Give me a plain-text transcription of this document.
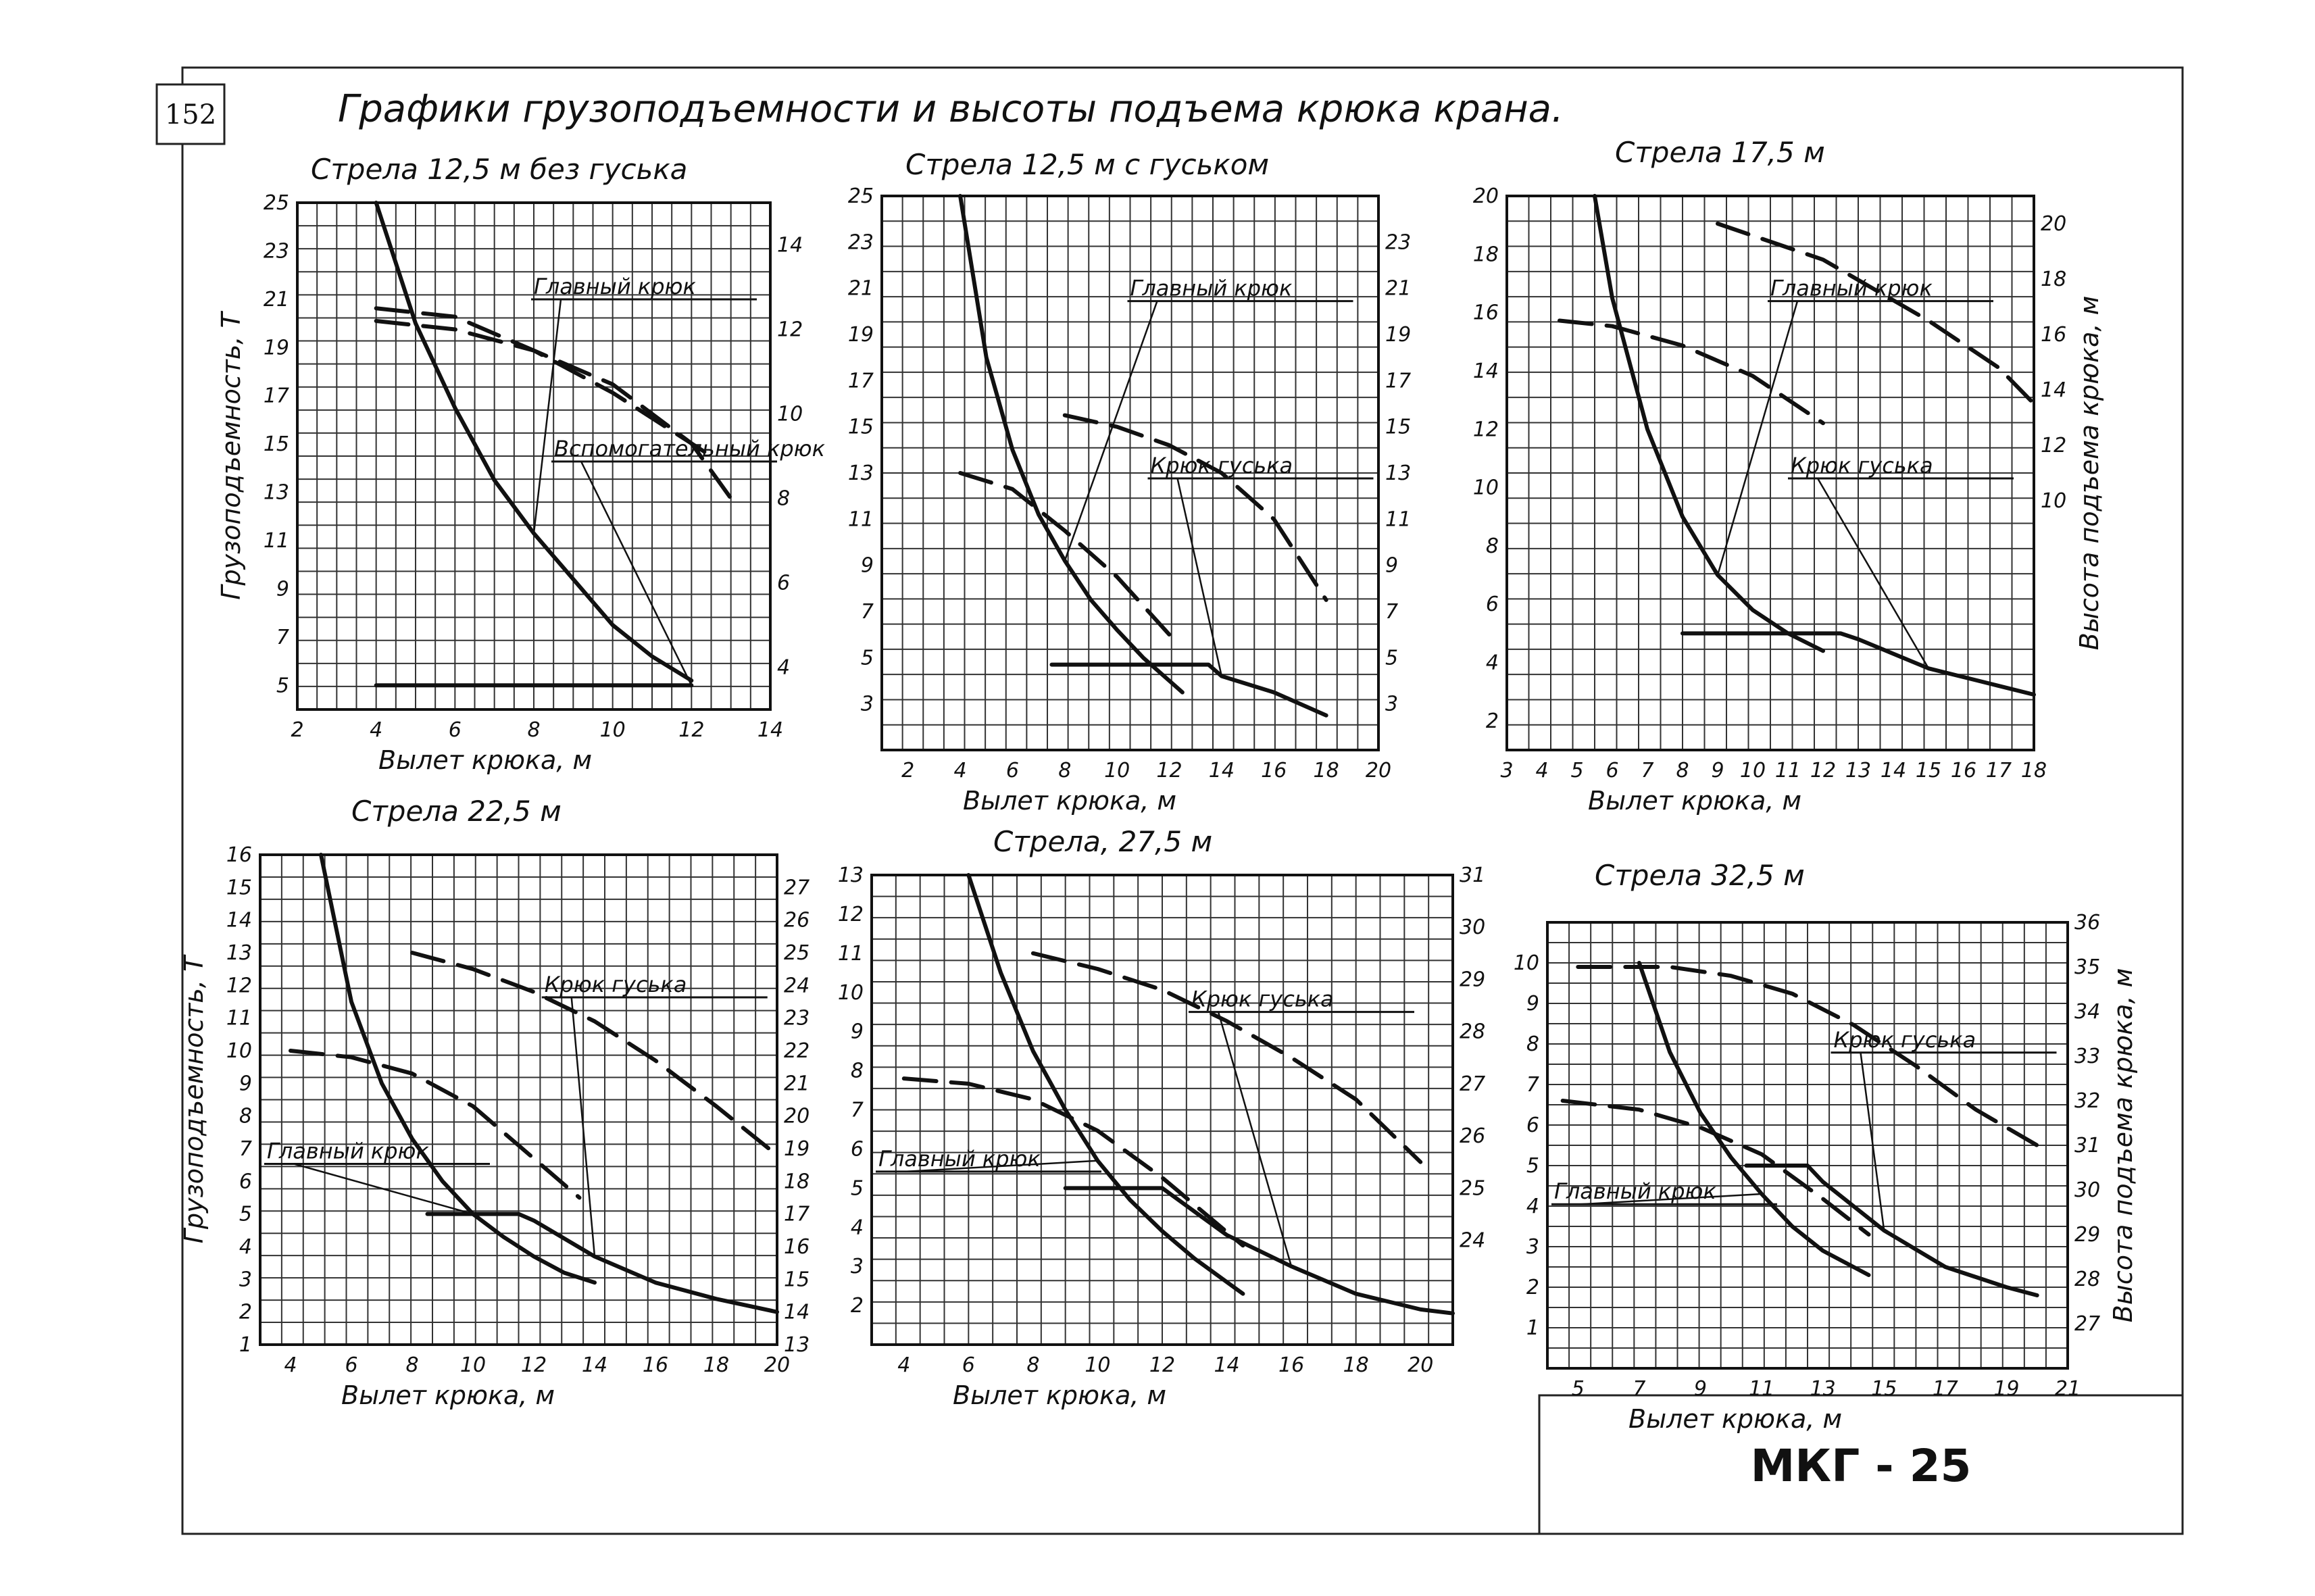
152	Графики грузоподъемности и высоты подъема крюка крана.
МКГ - 25
2	4	6	8	10	12	14
5
7
9
11
13
15
17
19
21
23
25
4
6
8
10
12
14
Стрела 12,5 м без гуська
Вылет крюка, м
Грузоподъемность, Т
Главный крюк
Вспомогательный крюк
2 4 6 8 10 12 14 16 18 20
3
5
7
9
11
13
15
17
19
21
23
25
3
5
7
9
11
13
15
17
19
21
23
Стрела 12,5 м с гуськом
Вылет крюка, м
Главный крюк
Крюк гуська
3 4 5 6 7 8 9 10 11 12 13 14 15 16 17 18
2
4
6
8
10
12
14
16
18
20
10
12
14
16
18
20
Стрела 17,5 м
Вылет крюка, м
Высота подъема крюка, м
Главный крюк
Крюк гуська
4 6 8 10 12 14 16 18 20
1
2
3
4
5
6
7
8
9
10
11
12
13
14
15
16
13
14
15
16
17
18
19
20
21
22
23
24
25
26
27
Стрела 22,5 м
Вылет крюка, м
Грузоподъемность, Т	Главный крюк
Крюк гуська
4	6	8 10 12 14 16 18 20
2
3
4
5
6
7
8
9
10
11
12
13
24
25
26
27
28
29
30
31
Стрела, 27,5 м
Вылет крюка, м
Главный крюк
Крюк гуська
5 7 9 11 13 15 17 19 21
1
2
3
4
5
6
7
8
9
10
27
28
29
30
31
32
33
34
35
36
Стрела 32,5 м
Вылет крюка, м
Высота подъема крюка, м
Главный крюк
Крюк гуська
